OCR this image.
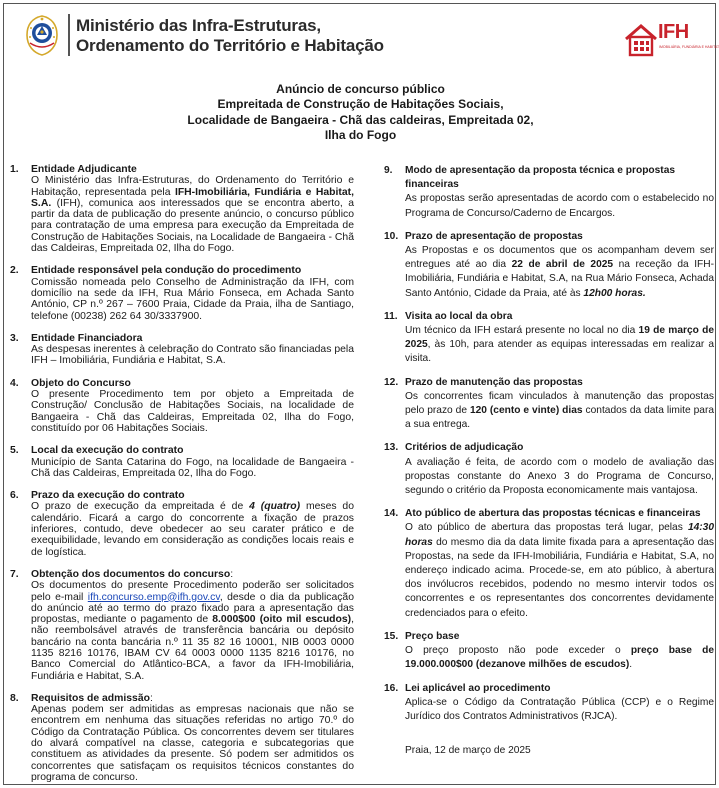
Ministério das Infra-Estruturas,
Ordenamento do Território e Habitação
IFH
IMOBILIÁRIA, FUNDIÁRIA E HABITAT
Anúncio de concurso público
Empreitada de Construção de Habitações Sociais,
Localidade de Bangaeira - Chã das caldeiras, Empreitada 02,
Ilha do Fogo
1. Entidade Adjudicante
O Ministério das Infra-Estruturas, do Ordenamento do Território e Habitação, representada pela IFH-Imobiliária, Fundiária e Habitat, S.A. (IFH), comunica aos interessados que se encontra aberto, a partir da data de publicação do presente anúncio, o concurso público para contratação de uma empresa para execução da Empreitada de Construção de Habitações Sociais, na Localidade de Bangaeira - Chã das Caldeiras, Empreitada 02, Ilha do Fogo.
2. Entidade responsável pela condução do procedimento
Comissão nomeada pelo Conselho de Administração da IFH, com domicílio na sede da IFH, Rua Mário Fonseca, em Achada Santo António, CP n.º 267 – 7600 Praia, Cidade da Praia, ilha de Santiago, telefone (00238) 262 64 30/3337900.
3. Entidade Financiadora
As despesas inerentes à celebração do Contrato são financiadas pela IFH – Imobiliária, Fundiária e Habitat, S.A.
4. Objeto do Concurso
O presente Procedimento tem por objeto a Empreitada de Construção/ Conclusão de Habitações Sociais, na localidade de Bangaeira - Chã das Caldeiras, Empreitada 02, Ilha do Fogo, constituído por 06 Habitações Sociais.
5. Local da execução do contrato
Município de Santa Catarina do Fogo, na localidade de Bangaeira - Chã das Caldeiras, Empreitada 02, Ilha do Fogo.
6. Prazo da execução do contrato
O prazo de execução da empreitada é de 4 (quatro) meses do calendário. Ficará a cargo do concorrente a fixação de prazos inferiores, contudo, deve obedecer ao seu carater prático e de exequibilidade, levando em consideração as condições locais reais e de logística.
7. Obtenção dos documentos do concurso:
Os documentos do presente Procedimento poderão ser solicitados pelo e-mail ifh.concurso.emp@ifh.gov.cv, desde o dia da publicação do anúncio até ao termo do prazo fixado para a apresentação das propostas, mediante o pagamento de 8.000$00 (oito mil escudos), não reembolsável através de transferência bancária ou depósito bancário na conta bancária n.º 11 35 82 16 10001, NIB 0003 0000 1135 8216 10176, IBAM CV 64 0003 0000 1135 8216 10176, no Banco Comercial do Atlântico-BCA, a favor da IFH-Imobiliária, Fundiária e Habitat, S.A.
8. Requisitos de admissão:
Apenas podem ser admitidas as empresas nacionais que não se encontrem em nenhuma das situações referidas no artigo 70.º do Código da Contratação Pública. Os concorrentes devem ser titulares do alvará compatível na classe, categoria e subcategorias que constituem as atividades da presente. Só podem ser admitidos os concorrentes que satisfaçam os requisitos técnicos constantes do programa de concurso.
9. Modo de apresentação da proposta técnica e propostas financeiras
As propostas serão apresentadas de acordo com o estabelecido no Programa de Concurso/Caderno de Encargos.
10. Prazo de apresentação de propostas
As Propostas e os documentos que os acompanham devem ser entregues até ao dia 22 de abril de 2025 na receção da IFH-Imobiliária, Fundiária e Habitat, S.A, na Rua Mário Fonseca, Achada Santo António, Cidade da Praia, até às 12h00 horas.
11. Visita ao local da obra
Um técnico da IFH estará presente no local no dia 19 de março de 2025, às 10h, para atender as equipas interessadas em realizar a visita.
12. Prazo de manutenção das propostas
Os concorrentes ficam vinculados à manutenção das propostas pelo prazo de 120 (cento e vinte) dias contados da data limite para a sua entrega.
13. Critérios de adjudicação
A avaliação é feita, de acordo com o modelo de avaliação das propostas constante do Anexo 3 do Programa de Concurso, segundo o critério da Proposta economicamente mais vantajosa.
14. Ato público de abertura das propostas técnicas e financeiras
O ato público de abertura das propostas terá lugar, pelas 14:30 horas do mesmo dia da data limite fixada para a apresentação das Propostas, na sede da IFH-Imobiliária, Fundiária e Habitat, S.A, no endereço indicado acima. Procede-se, em ato público, à abertura dos invólucros recebidos, podendo no mesmo intervir todos os concorrentes e os representantes dos concorrentes devidamente credenciados para o efeito.
15. Preço base
O preço proposto não pode exceder o preço base de 19.000.000$00 (dezanove milhões de escudos).
16. Lei aplicável ao procedimento
Aplica-se o Código da Contratação Pública (CCP) e o Regime Jurídico dos Contratos Administrativos (RJCA).
Praia, 12 de março de 2025
